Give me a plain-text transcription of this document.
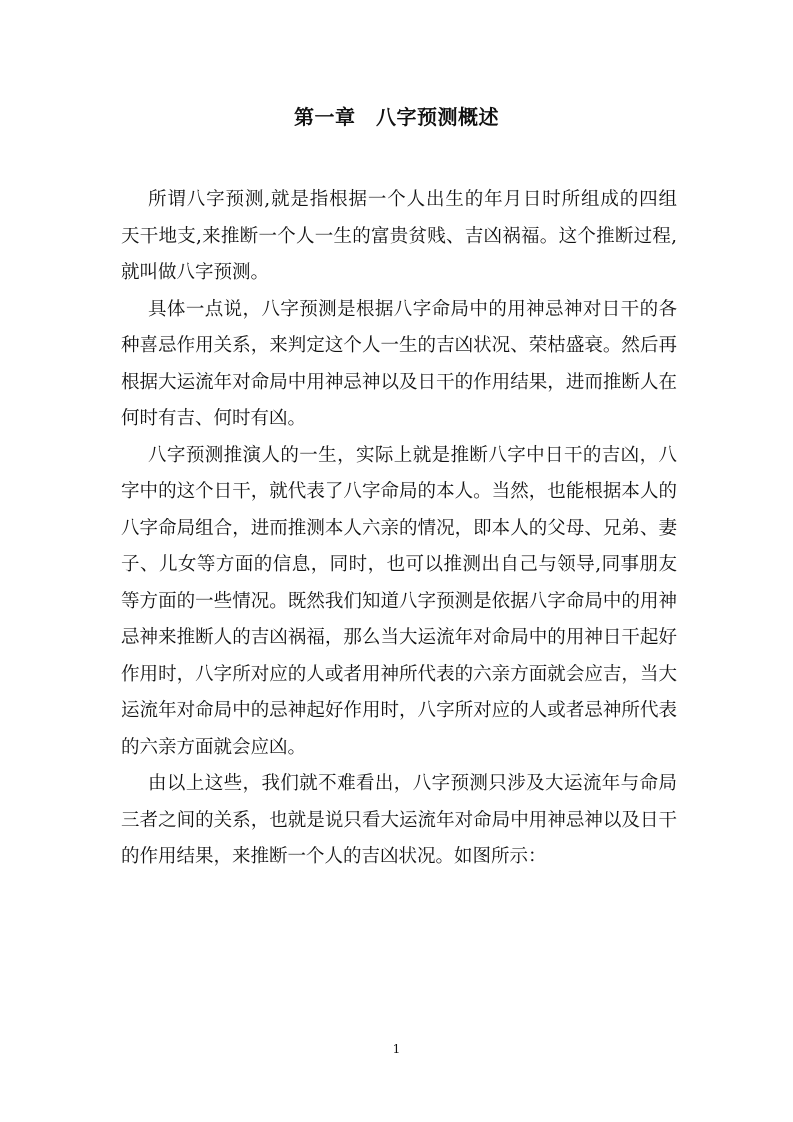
第一章　八字预测概述
所谓八字预测,就是指根据一个人出生的年月日时所组成的四组
天干地支,来推断一个人一生的富贵贫贱、吉凶祸福。这个推断过程,
就叫做八字预测。
具体一点说，八字预测是根据八字命局中的用神忌神对日干的各
种喜忌作用关系，来判定这个人一生的吉凶状况、荣枯盛衰。然后再
根据大运流年对命局中用神忌神以及日干的作用结果，进而推断人在
何时有吉、何时有凶。
八字预测推演人的一生，实际上就是推断八字中日干的吉凶，八
字中的这个日干，就代表了八字命局的本人。当然，也能根据本人的
八字命局组合，进而推测本人六亲的情况，即本人的父母、兄弟、妻
子、儿女等方面的信息，同时，也可以推测出自己与领导,同事朋友
等方面的一些情况。既然我们知道八字预测是依据八字命局中的用神
忌神来推断人的吉凶祸福，那么当大运流年对命局中的用神日干起好
作用时，八字所对应的人或者用神所代表的六亲方面就会应吉，当大
运流年对命局中的忌神起好作用时，八字所对应的人或者忌神所代表
的六亲方面就会应凶。
由以上这些，我们就不难看出，八字预测只涉及大运流年与命局
三者之间的关系，也就是说只看大运流年对命局中用神忌神以及日干
的作用结果，来推断一个人的吉凶状况。如图所示：
1
